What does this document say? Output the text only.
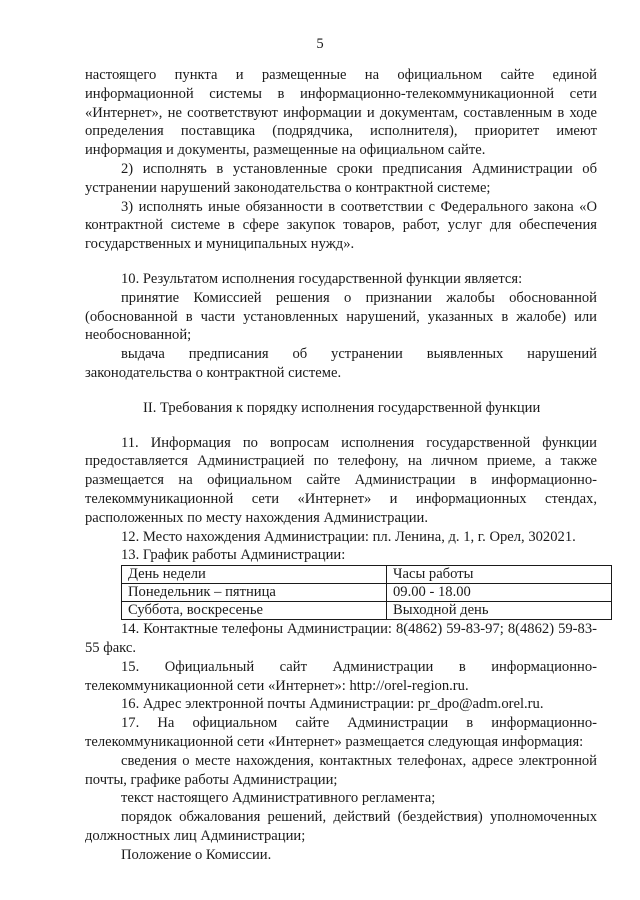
5

настоящего пункта и размещенные на официальном сайте единой информационной системы в информационно-телекоммуникационной сети «Интернет», не соответствуют информации и документам, составленным в ходе определения поставщика (подрядчика, исполнителя), приоритет имеют информация и документы, размещенные на официальном сайте.

2) исполнять в установленные сроки предписания Администрации об устранении нарушений законодательства о контрактной системе;

3) исполнять иные обязанности в соответствии с Федерального закона «О контрактной системе в сфере закупок товаров, работ, услуг для обеспечения государственных и муниципальных нужд».

10. Результатом исполнения государственной функции является:

принятие Комиссией решения о признании жалобы обоснованной (обоснованной в части установленных нарушений, указанных в жалобе) или необоснованной;

выдача предписания об устранении выявленных нарушений законодательства о контрактной системе.

II. Требования к порядку исполнения государственной функции

11. Информация по вопросам исполнения государственной функции предоставляется Администрацией по телефону, на личном приеме, а также размещается на официальном сайте Администрации в информационно-телекоммуникационной сети «Интернет» и информационных стендах, расположенных по месту нахождения Администрации.

12. Место нахождения Администрации: пл. Ленина, д. 1, г. Орел, 302021.

13. График работы Администрации:

День недели	Часы работы
Понедельник – пятница	09.00 - 18.00
Суббота, воскресенье	Выходной день

14. Контактные телефоны Администрации: 8(4862) 59-83-97; 8(4862) 59-83-55 факс.

15. Официальный сайт Администрации в информационно-телекоммуникационной сети «Интернет»: http://orel-region.ru.

16. Адрес электронной почты Администрации: pr_dpo@adm.orel.ru.

17. На официальном сайте Администрации в информационно-телекоммуникационной сети «Интернет» размещается следующая информация:

сведения о месте нахождения, контактных телефонах, адресе электронной почты, графике работы Администрации;

текст настоящего Административного регламента;

порядок обжалования решений, действий (бездействия) уполномоченных должностных лиц Администрации;

Положение о Комиссии.
